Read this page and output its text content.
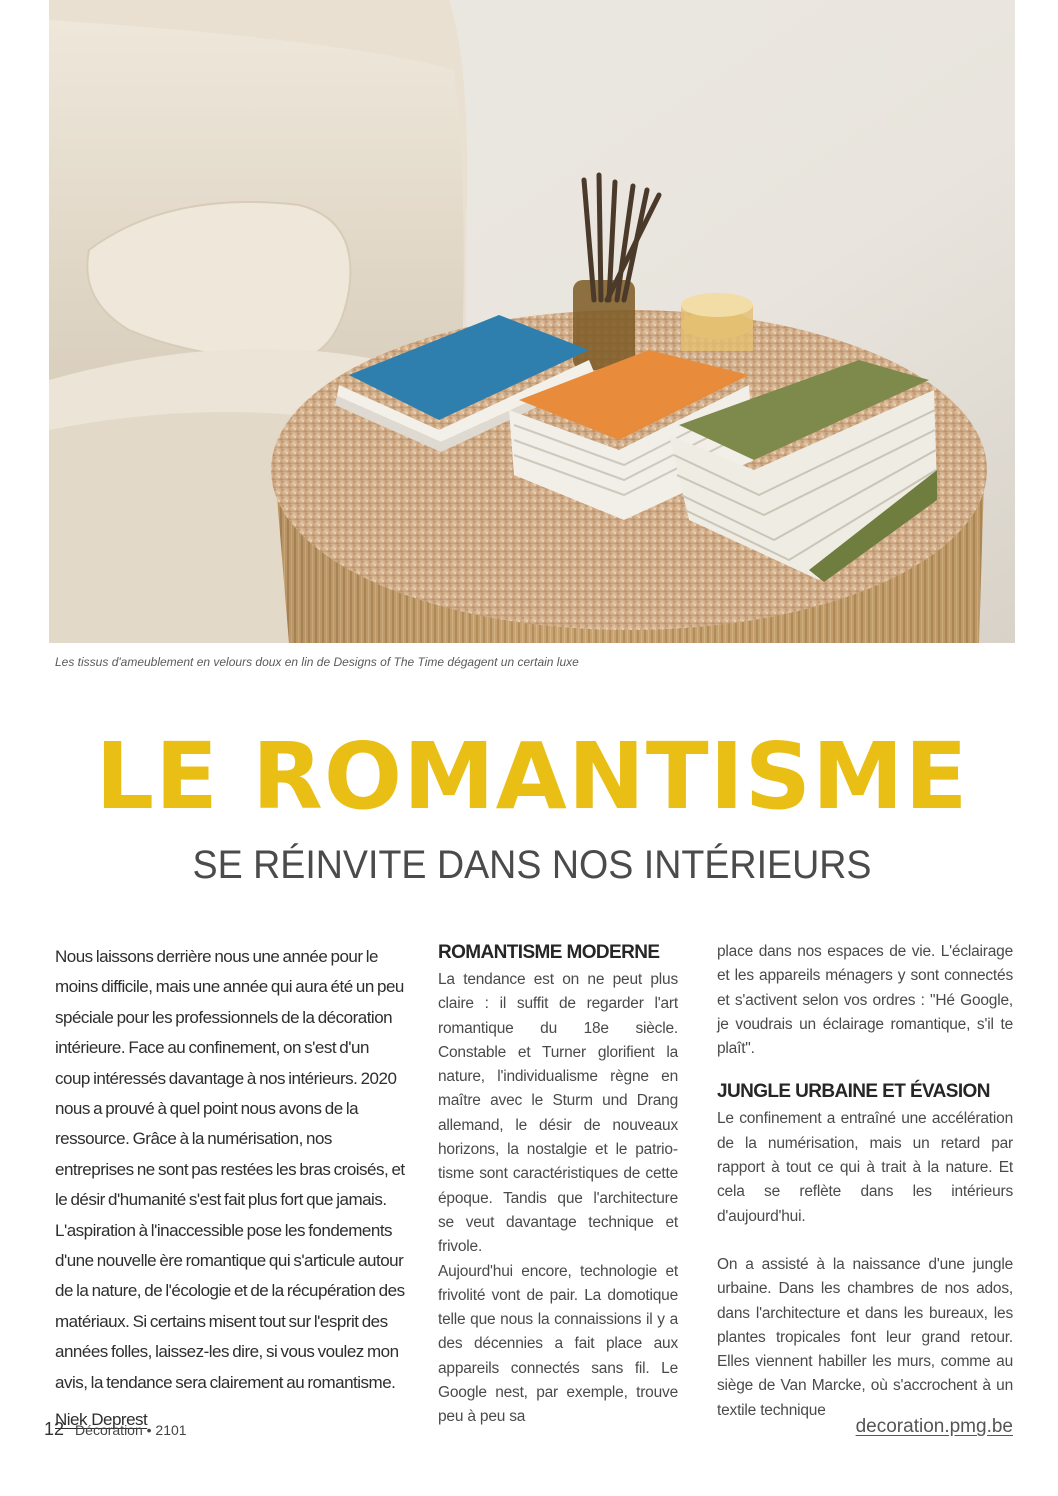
Les tissus d'ameublement en velours doux en lin de Designs of The Time dégagent un certain luxe
LE ROMANTISME
SE RÉINVITE DANS NOS INTÉRIEURS

Nous laissons derrière nous une année pour le moins difficile, mais une année qui aura été un peu spéciale pour les professionnels de la décoration intérieure. Face au confinement, on s'est d'un coup intéressés davantage à nos intérieurs. 2020 nous a prouvé à quel point nous avons de la ressource. Grâce à la numérisation, nos entreprises ne sont pas restées les bras croisés, et le désir d'humanité s'est fait plus fort que jamais. L'aspiration à l'inaccessible pose les fondements d'une nouvelle ère romantique qui s'articule autour de la nature, de l'écologie et de la récupération des matériaux. Si certains misent tout sur l'esprit des années folles, laissez-les dire, si vous voulez mon avis, la tendance sera clairement au romantisme.

Niek Deprest

ROMANTISME MODERNE

La tendance est on ne peut plus claire : il suffit de regarder l'art romantique du 18e siècle. Constable et Turner glorifient la nature, l'individualisme règne en maître avec le Sturm und Drang allemand, le désir de nouveaux horizons, la nostalgie et le patriotisme sont caractéristiques de cette époque. Tandis que l'architecture se veut davantage technique et frivole.

Aujourd'hui encore, technologie et frivolité vont de pair. La domotique telle que nous la connaissions il y a des décennies a fait place aux appareils connectés sans fil. Le Google nest, par exemple, trouve peu à peu sa

place dans nos espaces de vie. L'éclairage et les appareils ménagers y sont connectés et s'activent selon vos ordres : "Hé Google, je voudrais un éclairage romantique, s'il te plaît".

JUNGLE URBAINE ET ÉVASION

Le confinement a entraîné une accélération de la numérisation, mais un retard par rapport à tout ce qui à trait à la nature. Et cela se reflète dans les intérieurs d'aujourd'hui.

On a assisté à la naissance d'une jungle urbaine. Dans les chambres de nos ados, dans l'architecture et dans les bureaux, les plantes tropicales font leur grand retour. Elles viennent habiller les murs, comme au siège de Van Marcke, où s'accrochent à un textile technique

12 Décoration • 2101	decoration.pmg.be
